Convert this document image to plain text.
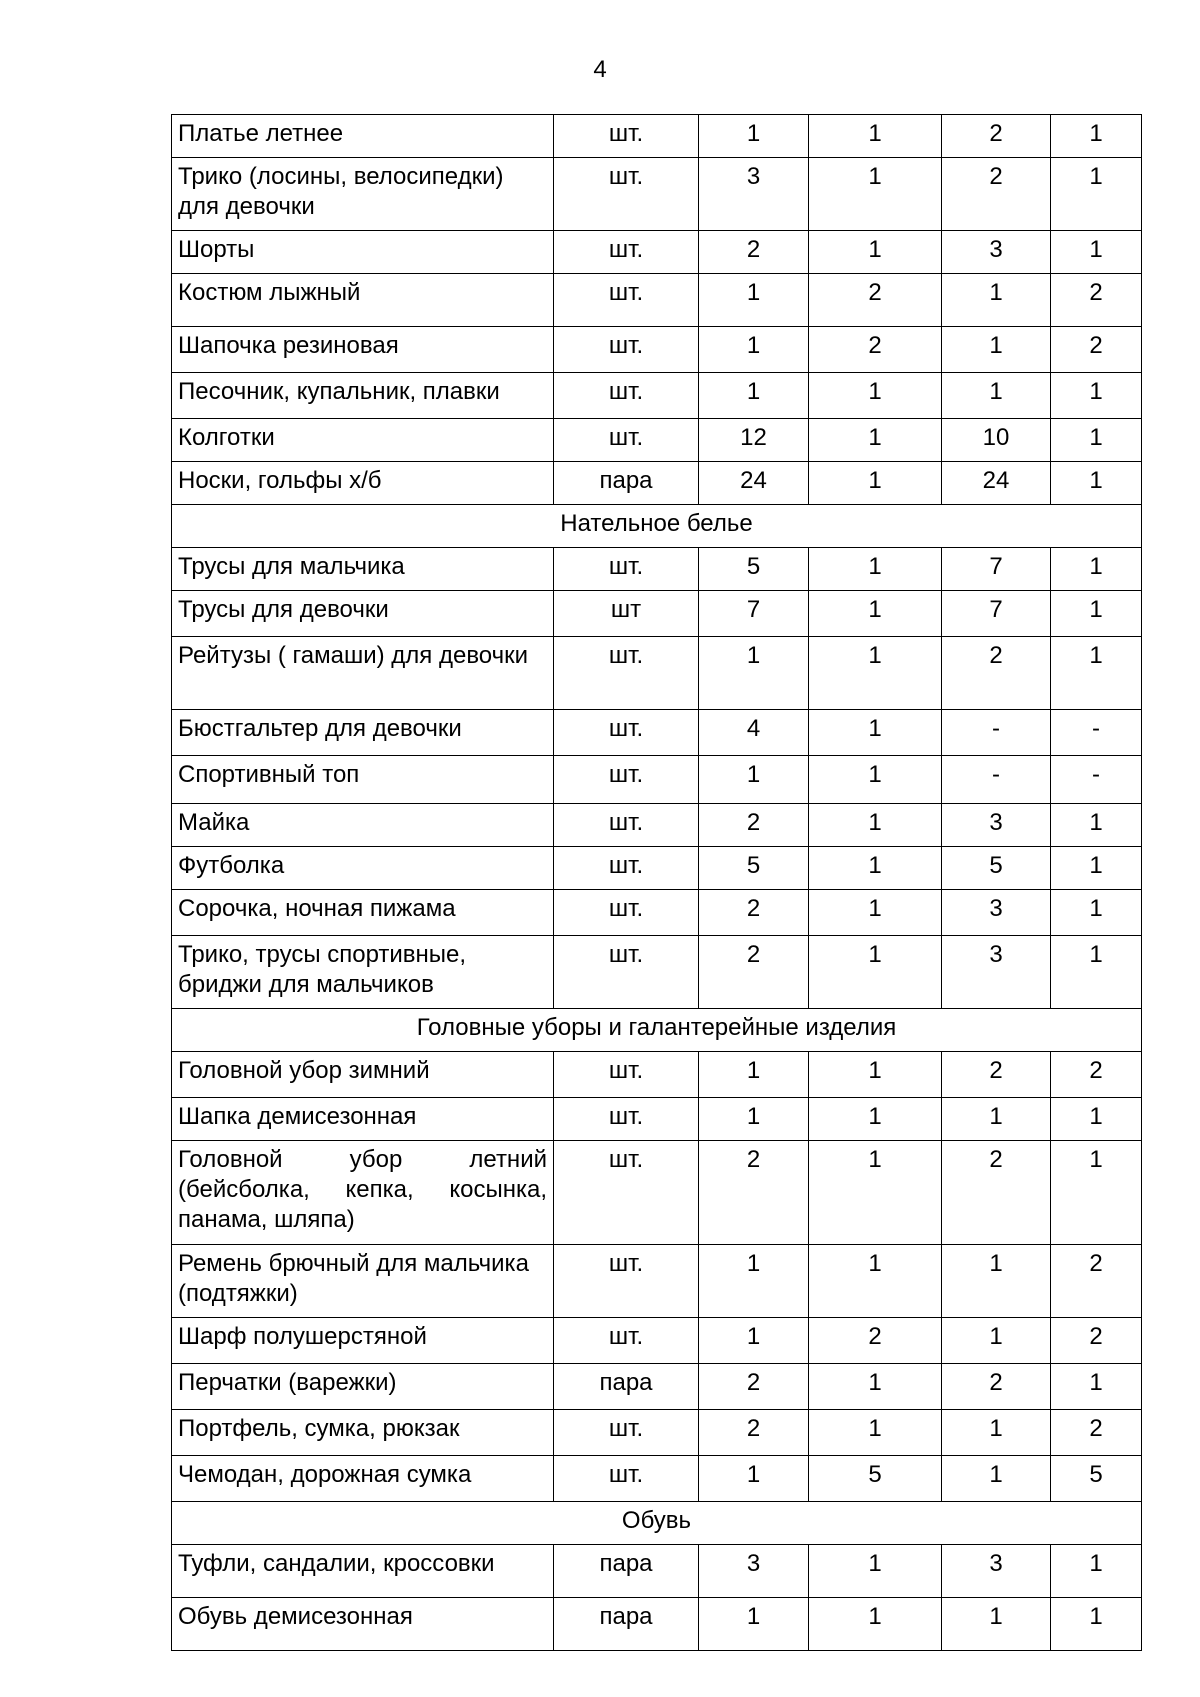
4
Платье летнее	шт.	1	1	2	1
Трико (лосины, велосипедки) для девочки	шт.	3	1	2	1
Шорты	шт.	2	1	3	1
Костюм лыжный	шт.	1	2	1	2
Шапочка резиновая	шт.	1	2	1	2
Песочник, купальник, плавки	шт.	1	1	1	1
Колготки	шт.	12	1	10	1
Носки, гольфы х/б	пара	24	1	24	1
Нательное белье					
Трусы для мальчика	шт.	5	1	7	1
Трусы для девочки	шт	7	1	7	1
Рейтузы ( гамаши) для девочки	шт.	1	1	2	1
Бюстгальтер для девочки	шт.	4	1	-	-
Спортивный топ	шт.	1	1	-	-
Майка	шт.	2	1	3	1
Футболка	шт.	5	1	5	1
Сорочка, ночная пижама	шт.	2	1	3	1
Трико, трусы спортивные, бриджи для мальчиков	шт.	2	1	3	1
Головные уборы и галантерейные изделия					
Головной убор зимний	шт.	1	1	2	2
Шапка демисезонная	шт.	1	1	1	1
Головной убор летний (бейсболка, кепка, косынка, панама, шляпа)	шт.	2	1	2	1
Ремень брючный для мальчика (подтяжки)	шт.	1	1	1	2
Шарф полушерстяной	шт.	1	2	1	2
Перчатки (варежки)	пара	2	1	2	1
Портфель, сумка, рюкзак	шт.	2	1	1	2
Чемодан, дорожная сумка	шт.	1	5	1	5
Обувь					
Туфли, сандалии, кроссовки	пара	3	1	3	1
Обувь демисезонная	пара	1	1	1	1
